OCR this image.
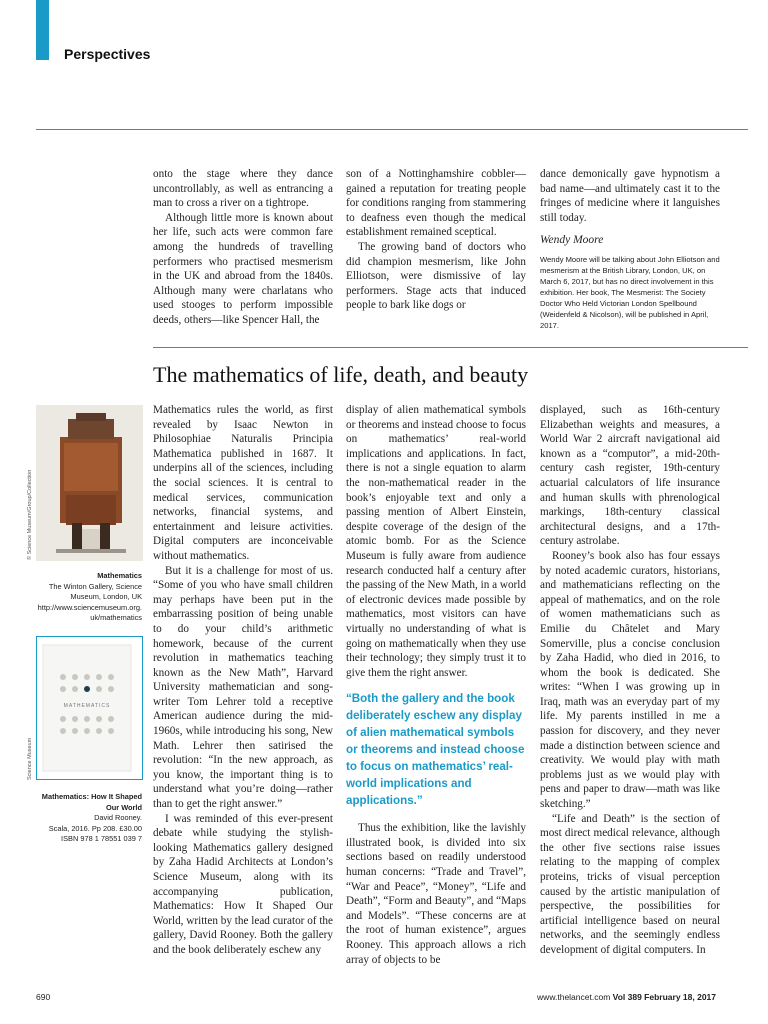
Perspectives

onto the stage where they dance uncontrollably, as well as entrancing a man to cross a river on a tightrope.

Although little more is known about her life, such acts were common fare among the hundreds of travelling performers who practised mesmerism in the UK and abroad from the 1840s. Although many were charlatans who used stooges to perform impossible deeds, others—like Spencer Hall, the

son of a Nottinghamshire cobbler—gained a reputation for treating people for conditions ranging from stammering to deafness even though the medical establishment remained sceptical.

The growing band of doctors who did champion mesmerism, like John Elliotson, were dismissive of lay performers. Stage acts that induced people to bark like dogs or

dance demonically gave hypnotism a bad name—and ultimately cast it to the fringes of medicine where it languishes still today.

Wendy Moore
Wendy Moore will be talking about John Elliotson and mesmerism at the British Library, London, UK, on March 6, 2017, but has no direct involvement in this exhibition. Her book, The Mesmerist: The Society Doctor Who Held Victorian London Spellbound (Weidenfeld & Nicolson), will be published in April, 2017.
The mathematics of life, death, and beauty
© Science Museum/Group/Collection
Mathematics
The Winton Gallery, Science
Museum, London, UK
http://www.sciencemuseum.org.
uk/mathematics
MATHEMATICS
Science Museum
Mathematics: How It Shaped Our World
David Rooney.
Scala, 2016. Pp 208. £30.00
ISBN 978 1 78551 039 7

Mathematics rules the world, as first revealed by Isaac Newton in Philosophiae Naturalis Principia Mathematica published in 1687. It underpins all of the sciences, including the social sciences. It is central to medical services, communication networks, financial systems, and entertainment and leisure activities. Digital computers are inconceivable without mathematics.

But it is a challenge for most of us. “Some of you who have small children may perhaps have been put in the embarrassing position of being unable to do your child’s arithmetic homework, because of the current revolution in mathematics teaching known as the New Math”, Harvard University mathematician and song-writer Tom Lehrer told a receptive American audience during the mid-1960s, while introducing his song, New Math. Lehrer then satirised the revolution: “In the new approach, as you know, the important thing is to understand what you’re doing—rather than to get the right answer.”

I was reminded of this ever-present debate while studying the stylish-looking Mathematics gallery designed by Zaha Hadid Architects at London’s Science Museum, along with its accompanying publication, Mathematics: How It Shaped Our World, written by the lead curator of the gallery, David Rooney. Both the gallery and the book deliberately eschew any

display of alien mathematical symbols or theorems and instead choose to focus on mathematics’ real-world implications and applications. In fact, there is not a single equation to alarm the non-mathematical reader in the book’s enjoyable text and only a passing mention of Albert Einstein, despite coverage of the design of the atomic bomb. For as the Science Museum is fully aware from audience research conducted half a century after the passing of the New Math, in a world of electronic devices made possible by mathematics, most visitors can have virtually no understanding of what is going on mathematically when they use their technology; they simply trust it to give them the right answer.

“Both the gallery and the book deliberately eschew any display of alien mathematical symbols or theorems and instead choose to focus on mathematics’ real-world implications and applications.”

Thus the exhibition, like the lavishly illustrated book, is divided into six sections based on readily understood human concerns: “Trade and Travel”, “War and Peace”, “Money”, “Life and Death”, “Form and Beauty”, and “Maps and Models”. “These concerns are at the root of human existence”, argues Rooney. This approach allows a rich array of objects to be

displayed, such as 16th-century Elizabethan weights and measures, a World War 2 aircraft navigational aid known as a “computor”, a mid-20th-century cash register, 19th-century actuarial calculators of life insurance and human skulls with phrenological markings, 18th-century classical architectural designs, and a 17th-century astrolabe.

Rooney’s book also has four essays by noted academic curators, historians, and mathematicians reflecting on the appeal of mathematics, and on the role of women mathematicians such as Emilie du Châtelet and Mary Somerville, plus a concise conclusion by Zaha Hadid, who died in 2016, to whom the book is dedicated. She writes: “When I was growing up in Iraq, math was an everyday part of my life. My parents instilled in me a passion for discovery, and they never made a distinction between science and creativity. We would play with math problems just as we would play with pens and paper to draw—math was like sketching.”

“Life and Death” is the section of most direct medical relevance, although the other five sections raise issues relating to the mapping of complex proteins, tricks of visual perception caused by the artistic manipulation of perspective, the possibilities for artificial intelligence based on neural networks, and the seemingly endless development of digital computers. In

690	www.thelancet.com Vol 389 February 18, 2017
